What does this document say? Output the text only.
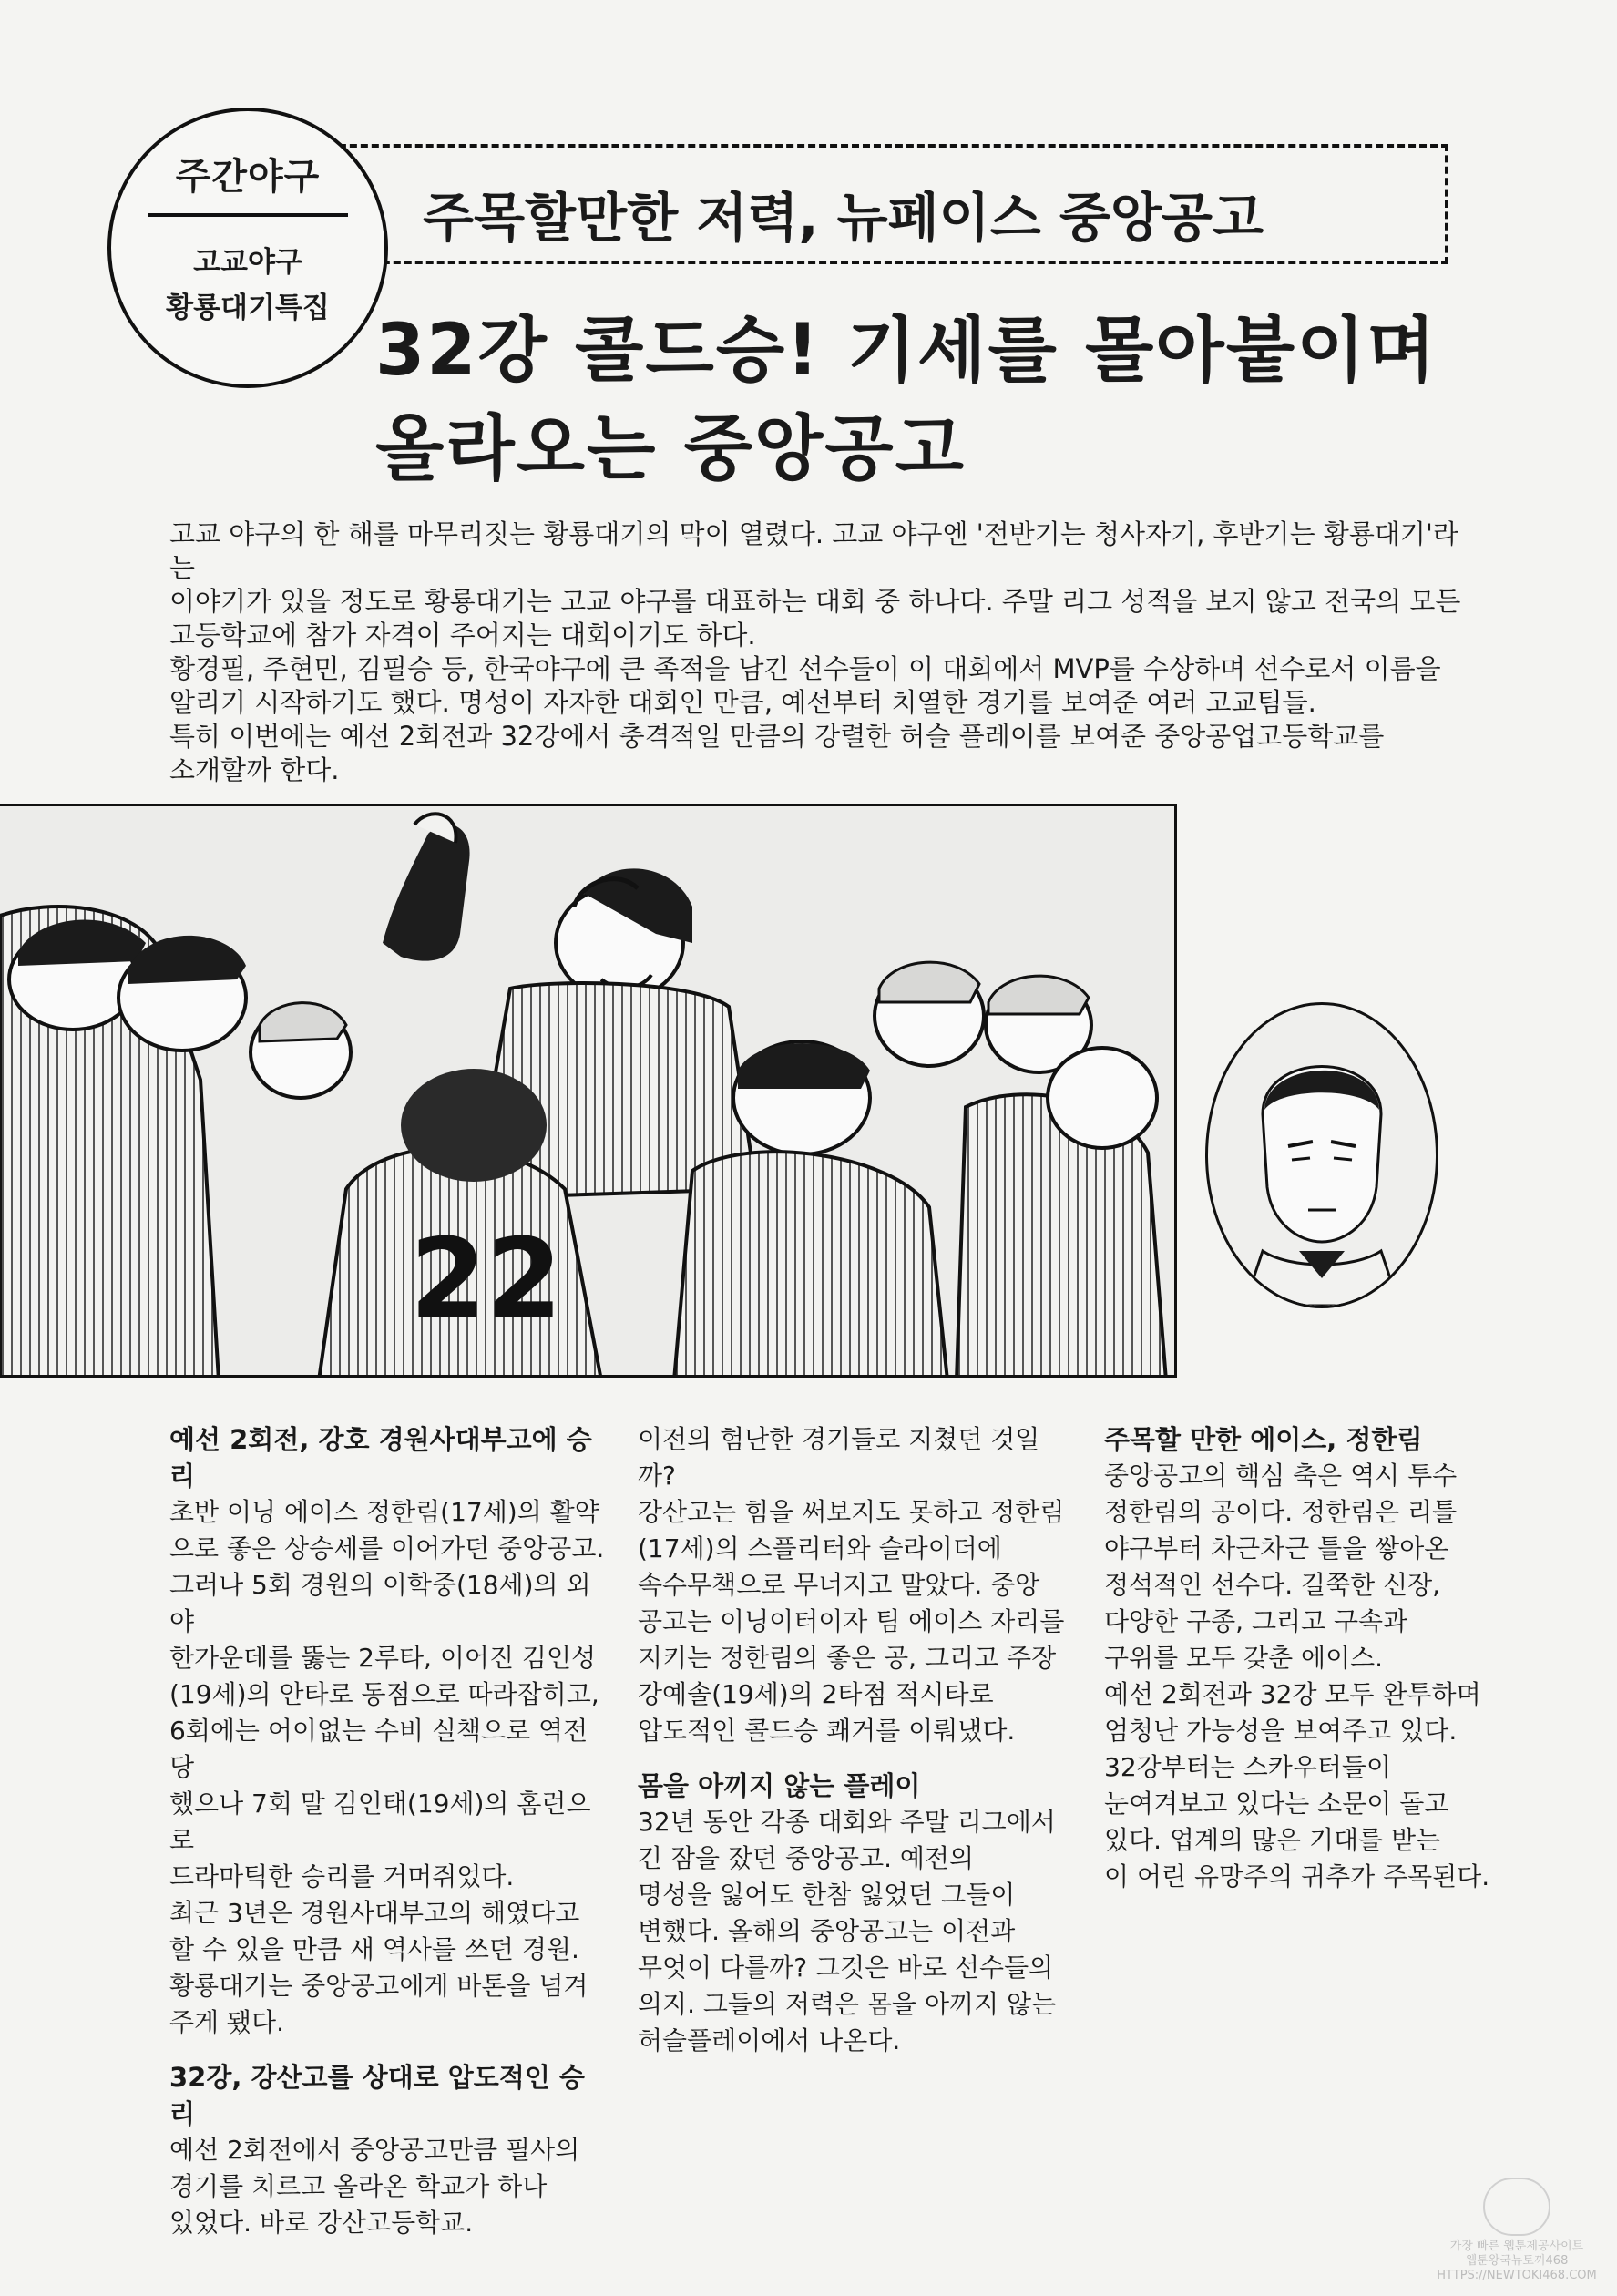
주간야구
고교야구
황룡대기특집
주목할만한 저력, 뉴페이스 중앙공고
32강 콜드승! 기세를 몰아붙이며
올라오는 중앙공고

고교 야구의 한 해를 마무리짓는 황룡대기의 막이 열렸다. 고교 야구엔 '전반기는 청사자기, 후반기는 황룡대기'라는

이야기가 있을 정도로 황룡대기는 고교 야구를 대표하는 대회 중 하나다. 주말 리그 성적을 보지 않고 전국의 모든

고등학교에 참가 자격이 주어지는 대회이기도 하다.

황경필, 주현민, 김필승 등, 한국야구에 큰 족적을 남긴 선수들이 이 대회에서 MVP를 수상하며 선수로서 이름을

알리기 시작하기도 했다. 명성이 자자한 대회인 만큼, 예선부터 치열한 경기를 보여준 여러 고교팀들.

특히 이번에는 예선 2회전과 32강에서 충격적일 만큼의 강렬한 허슬 플레이를 보여준 중앙공업고등학교를

소개할까 한다.

22
예선 2회전, 강호 경원사대부고에 승리

초반 이닝 에이스 정한림(17세)의 활약

으로 좋은 상승세를 이어가던 중앙공고.

그러나 5회 경원의 이학중(18세)의 외야

한가운데를 뚫는 2루타, 이어진 김인성

(19세)의 안타로 동점으로 따라잡히고,

6회에는 어이없는 수비 실책으로 역전당

했으나 7회 말 김인태(19세)의 홈런으로

드라마틱한 승리를 거머쥐었다.

최근 3년은 경원사대부고의 해였다고

할 수 있을 만큼 새 역사를 쓰던 경원.

황룡대기는 중앙공고에게 바톤을 넘겨

주게 됐다.

32강, 강산고를 상대로 압도적인 승리

예선 2회전에서 중앙공고만큼 필사의

경기를 치르고 올라온 학교가 하나

있었다. 바로 강산고등학교.

이전의 험난한 경기들로 지쳤던 것일까?

강산고는 힘을 써보지도 못하고 정한림

(17세)의 스플리터와 슬라이더에

속수무책으로 무너지고 말았다. 중앙

공고는 이닝이터이자 팀 에이스 자리를

지키는 정한림의 좋은 공, 그리고 주장

강예솔(19세)의 2타점 적시타로

압도적인 콜드승 쾌거를 이뤄냈다.

몸을 아끼지 않는 플레이

32년 동안 각종 대회와 주말 리그에서

긴 잠을 잤던 중앙공고. 예전의

명성을 잃어도 한참 잃었던 그들이

변했다. 올해의 중앙공고는 이전과

무엇이 다를까? 그것은 바로 선수들의

의지. 그들의 저력은 몸을 아끼지 않는

허슬플레이에서 나온다.

주목할 만한 에이스, 정한림

중앙공고의 핵심 축은 역시 투수

정한림의 공이다. 정한림은 리틀

야구부터 차근차근 틀을 쌓아온

정석적인 선수다. 길쭉한 신장,

다양한 구종, 그리고 구속과

구위를 모두 갖춘 에이스.

예선 2회전과 32강 모두 완투하며

엄청난 가능성을 보여주고 있다.

32강부터는 스카우터들이

눈여겨보고 있다는 소문이 돌고

있다. 업계의 많은 기대를 받는

이 어린 유망주의 귀추가 주목된다.

가장 빠른 웹툰제공사이트
웹툰왕국뉴토끼468
HTTPS://NEWTOKI468.COM
